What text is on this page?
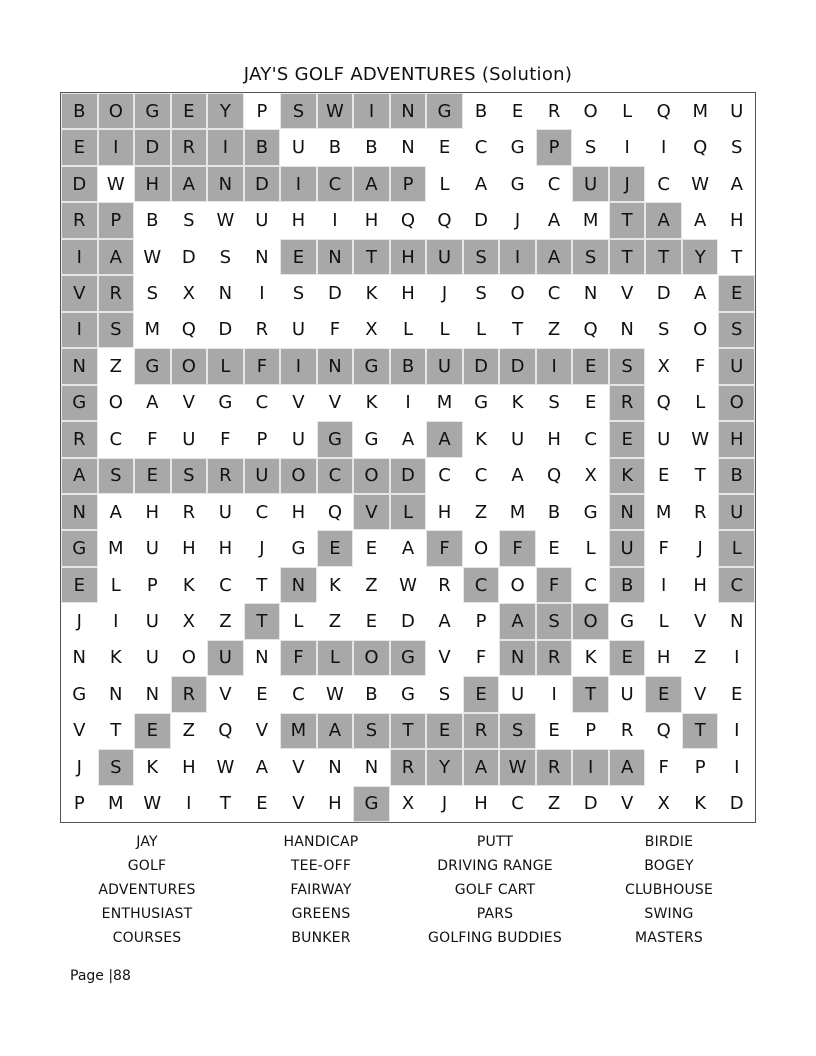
JAY'S GOLF ADVENTURES (Solution)
B	O	G	E	Y	P	S	W	I	N	G	B	E	R	O	L	Q	M	U
E	I	D	R	I	B	U	B	B	N	E	C	G	P	S	I	I	Q	S
D	W	H	A	N	D	I	C	A	P	L	A	G	C	U	J	C	W	A
R	P	B	S	W	U	H	I	H	Q	Q	D	J	A	M	T	A	A	H
I	A	W	D	S	N	E	N	T	H	U	S	I	A	S	T	T	Y	T
V	R	S	X	N	I	S	D	K	H	J	S	O	C	N	V	D	A	E
I	S	M	Q	D	R	U	F	X	L	L	L	T	Z	Q	N	S	O	S
N	Z	G	O	L	F	I	N	G	B	U	D	D	I	E	S	X	F	U
G	O	A	V	G	C	V	V	K	I	M	G	K	S	E	R	Q	L	O
R	C	F	U	F	P	U	G	G	A	A	K	U	H	C	E	U	W	H
A	S	E	S	R	U	O	C	O	D	C	C	A	Q	X	K	E	T	B
N	A	H	R	U	C	H	Q	V	L	H	Z	M	B	G	N	M	R	U
G	M	U	H	H	J	G	E	E	A	F	O	F	E	L	U	F	J	L
E	L	P	K	C	T	N	K	Z	W	R	C	O	F	C	B	I	H	C
J	I	U	X	Z	T	L	Z	E	D	A	P	A	S	O	G	L	V	N
N	K	U	O	U	N	F	L	O	G	V	F	N	R	K	E	H	Z	I
G	N	N	R	V	E	C	W	B	G	S	E	U	I	T	U	E	V	E
V	T	E	Z	Q	V	M	A	S	T	E	R	S	E	P	R	Q	T	I
J	S	K	H	W	A	V	N	N	R	Y	A	W	R	I	A	F	P	I
P	M	W	I	T	E	V	H	G	X	J	H	C	Z	D	V	X	K	D
JAY	HANDICAP	PUTT	BIRDIE
GOLF	TEE-OFF	DRIVING RANGE	BOGEY
ADVENTURES	FAIRWAY	GOLF CART	CLUBHOUSE
ENTHUSIAST	GREENS	PARS	SWING
COURSES	BUNKER	GOLFING BUDDIES	MASTERS
Page |88
